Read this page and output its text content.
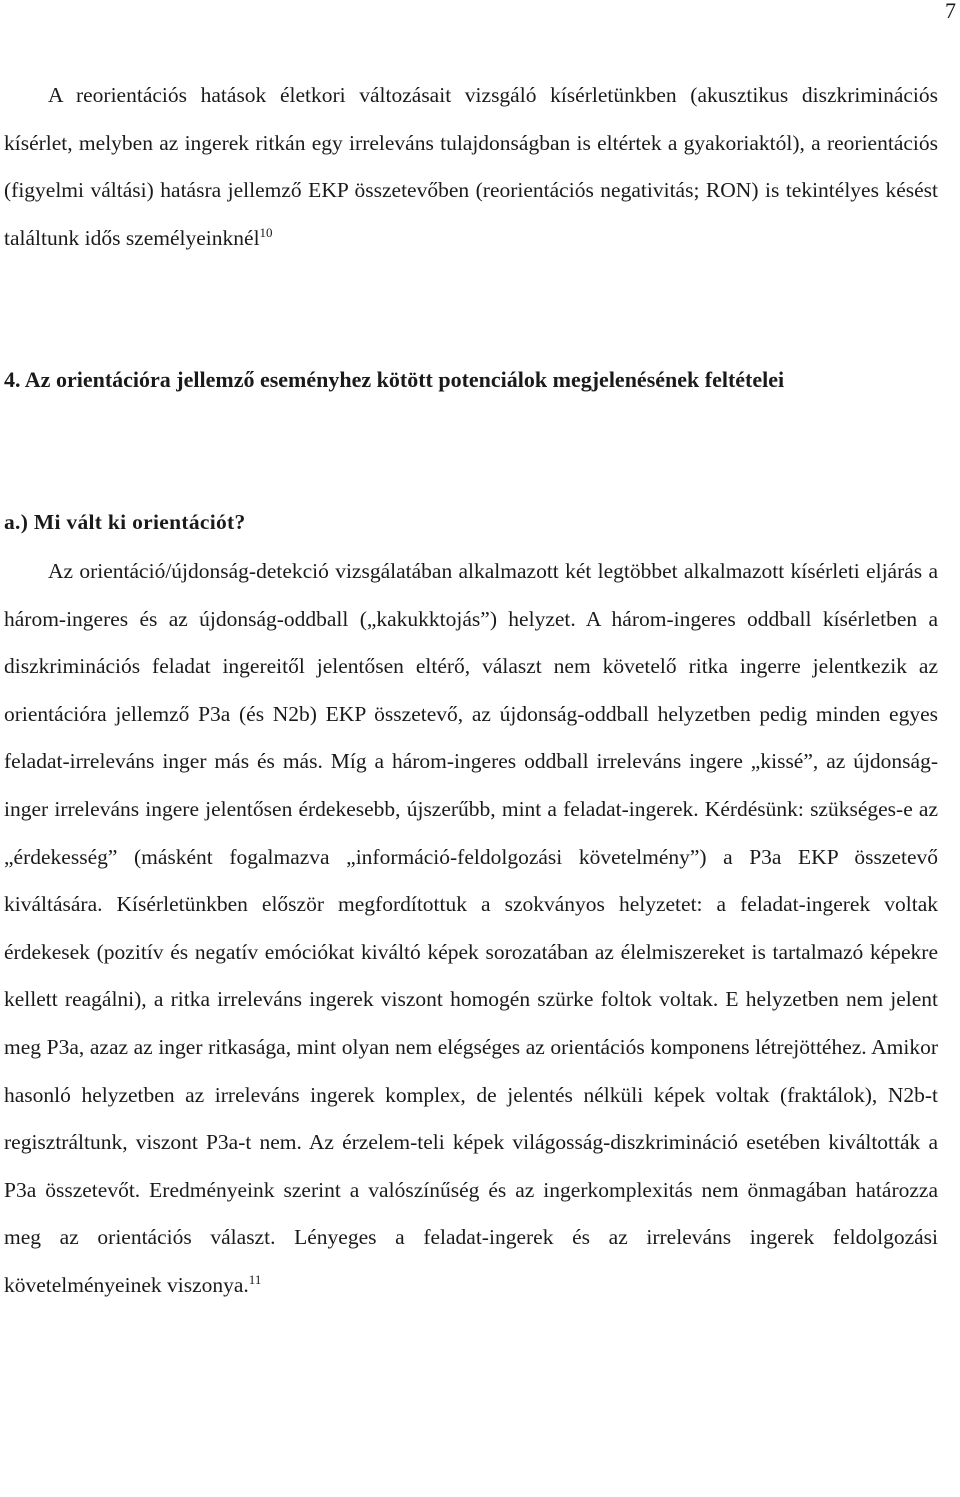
7

A reorientációs hatások életkori változásait vizsgáló kísérletünkben (akusztikus diszkriminációs kísérlet, melyben az ingerek ritkán egy irreleváns tulajdonságban is eltértek a gyakoriaktól), a reorientációs (figyelmi váltási) hatásra jellemző EKP összetevőben (reorientációs negativitás; RON) is tekintélyes késést találtunk idős személyeinknél$^{10}$

4. Az orientációra jellemző eseményhez kötött potenciálok megjelenésének feltételei
a.) Mi vált ki orientációt?

Az orientáció/újdonság-detekció vizsgálatában alkalmazott két legtöbbet alkalmazott kísérleti eljárás a három-ingeres és az újdonság-oddball („kakukktojás”) helyzet. A három-ingeres oddball kísérletben a diszkriminációs feladat ingereitől jelentősen eltérő, választ nem követelő ritka ingerre jelentkezik az orientációra jellemző P3a (és N2b) EKP összetevő, az újdonság-oddball helyzetben pedig minden egyes feladat-irreleváns inger más és más. Míg a három-ingeres oddball irreleváns ingere „kissé”, az újdonság-inger irreleváns ingere jelentősen érdekesebb, újszerűbb, mint a feladat-ingerek. Kérdésünk: szükséges-e az „érdekesség” (másként fogalmazva „információ-feldolgozási követelmény”) a P3a EKP összetevő kiváltására. Kísérletünkben először megfordítottuk a szokványos helyzetet: a feladat-ingerek voltak érdekesek (pozitív és negatív emóciókat kiváltó képek sorozatában az élelmiszereket is tartalmazó képekre kellett reagálni), a ritka irreleváns ingerek viszont homogén szürke foltok voltak. E helyzetben nem jelent meg P3a, azaz az inger ritkasága, mint olyan nem elégséges az orientációs komponens létrejöttéhez. Amikor hasonló helyzetben az irreleváns ingerek komplex, de jelentés nélküli képek voltak (fraktálok), N2b-t regisztráltunk, viszont P3a-t nem. Az érzelem-teli képek világosság-diszkrimináció esetében kiváltották a P3a összetevőt. Eredményeink szerint a valószínűség és az ingerkomplexitás nem önmagában határozza meg az orientációs választ. Lényeges a feladat-ingerek és az irreleváns ingerek feldolgozási követelményeinek viszonya.$^{11}$
